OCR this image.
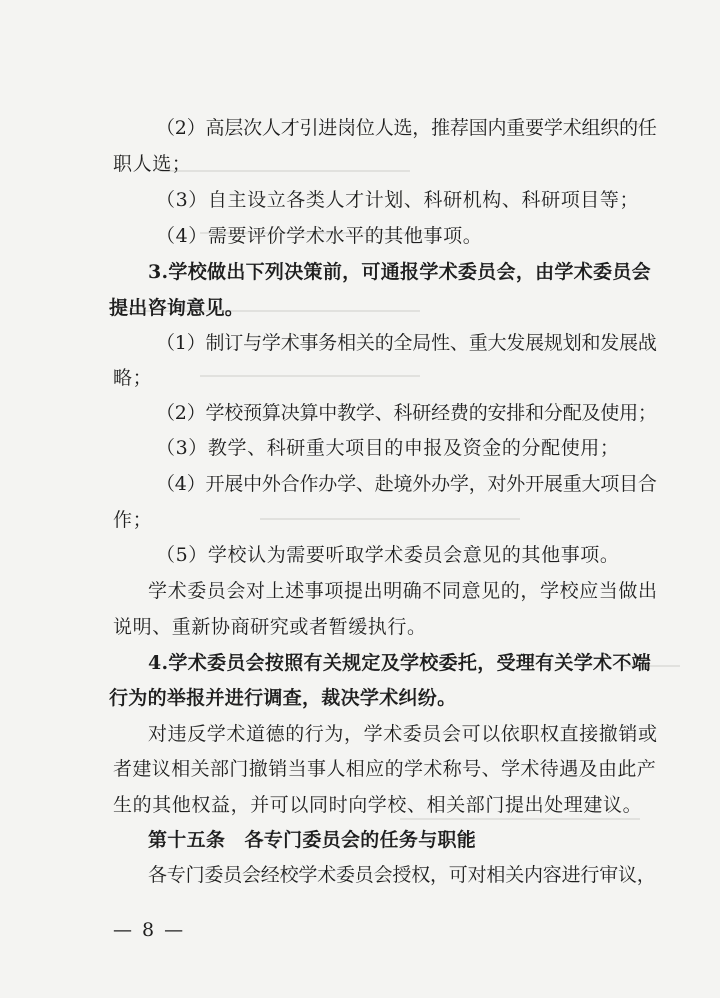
（2）高层次人才引进岗位人选，推荐国内重要学术组织的任
职人选；
（3）自主设立各类人才计划、科研机构、科研项目等；
（4）需要评价学术水平的其他事项。
3.学校做出下列决策前，可通报学术委员会，由学术委员会
提出咨询意见。
（1）制订与学术事务相关的全局性、重大发展规划和发展战
略；
（2）学校预算决算中教学、科研经费的安排和分配及使用；
（3）教学、科研重大项目的申报及资金的分配使用；
（4）开展中外合作办学、赴境外办学，对外开展重大项目合
作；
（5）学校认为需要听取学术委员会意见的其他事项。
学术委员会对上述事项提出明确不同意见的，学校应当做出
说明、重新协商研究或者暂缓执行。
4.学术委员会按照有关规定及学校委托，受理有关学术不端
行为的举报并进行调查，裁决学术纠纷。
对违反学术道德的行为，学术委员会可以依职权直接撤销或
者建议相关部门撤销当事人相应的学术称号、学术待遇及由此产
生的其他权益，并可以同时向学校、相关部门提出处理建议。
第十五条　各专门委员会的任务与职能
各专门委员会经校学术委员会授权，可对相关内容进行审议，
— 8 —
